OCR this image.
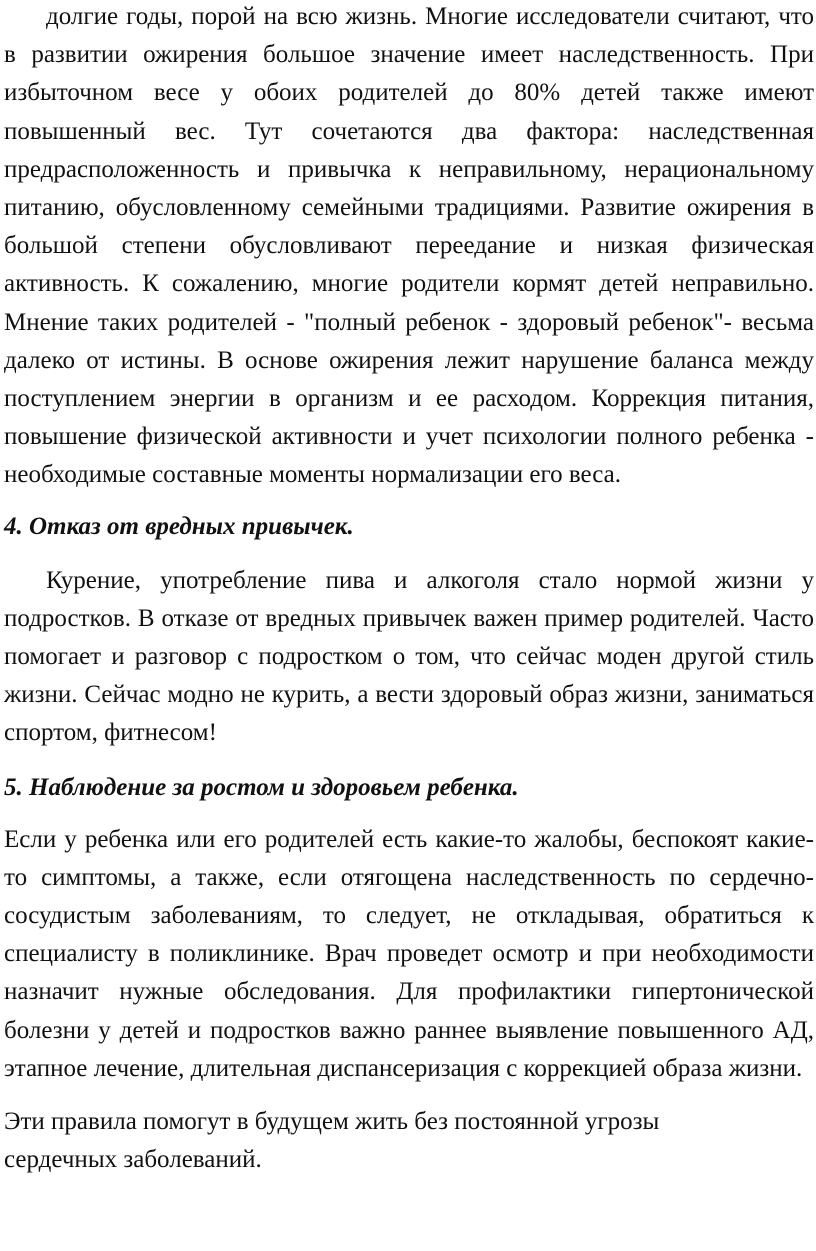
долгие годы, порой на всю жизнь. Многие исследователи считают, что в развитии ожирения большое значение имеет наследственность. При избыточном весе у обоих родителей до 80% детей также имеют повышенный вес. Тут сочетаются два фактора: наследственная предрасположенность и привычка к неправильному, нерациональному питанию, обусловленному семейными традициями. Развитие ожирения в большой степени обусловливают переедание и низкая физическая активность. К сожалению, многие родители кормят детей неправильно. Мнение таких родителей - "полный ребенок - здоровый ребенок"- весьма далеко от истины. В основе ожирения лежит нарушение баланса между поступлением энергии в организм и ее расходом. Коррекция питания, повышение физической активности и учет психологии полного ребенка - необходимые составные моменты нормализации его веса.

4. Отказ от вредных привычек.

Курение, употребление пива и алкоголя стало нормой жизни у подростков. В отказе от вредных привычек важен пример родителей. Часто помогает и разговор с подростком о том, что сейчас моден другой стиль жизни. Сейчас модно не курить, а вести здоровый образ жизни, заниматься спортом, фитнесом!

5. Наблюдение за ростом и здоровьем ребенка.

Если у ребенка или его родителей есть какие-то жалобы, беспокоят какие-то симптомы, а также, если отягощена наследственность по сердечно-сосудистым заболеваниям, то следует, не откладывая, обратиться к специалисту в поликлинике. Врач проведет осмотр и при необходимости назначит нужные обследования. Для профилактики гипертонической болезни у детей и подростков важно раннее выявление повышенного АД, этапное лечение, длительная диспансеризация с коррекцией образа жизни.

Эти правила помогут в будущем жить без постоянной угрозы
сердечных заболеваний.
